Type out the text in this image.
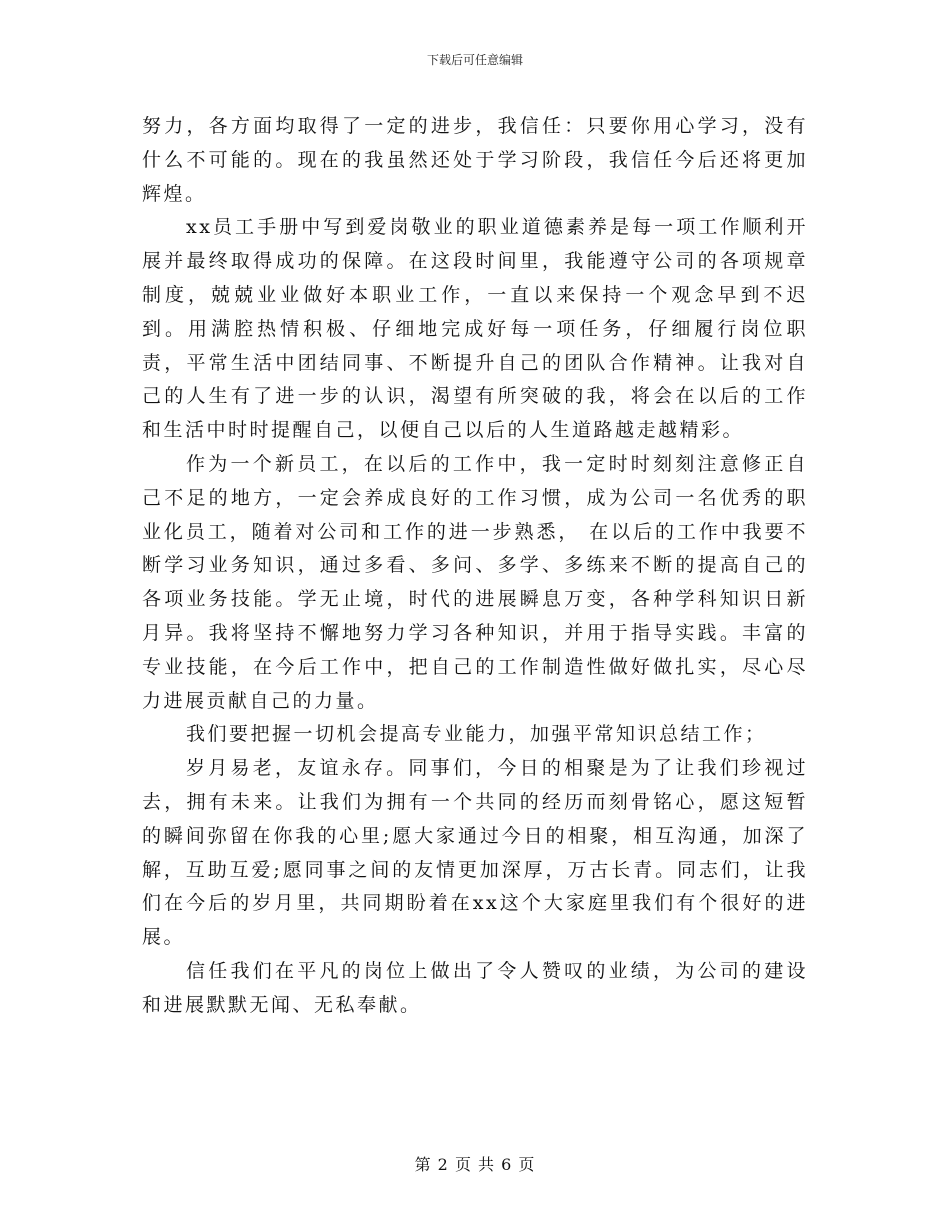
下载后可任意编辑

努力，各方面均取得了一定的进步，我信任：只要你用心学习，没有什么不可能的。现在的我虽然还处于学习阶段，我信任今后还将更加辉煌。

xx员工手册中写到爱岗敬业的职业道德素养是每一项工作顺利开展并最终取得成功的保障。在这段时间里，我能遵守公司的各项规章制度，兢兢业业做好本职业工作，一直以来保持一个观念早到不迟到。用满腔热情积极、仔细地完成好每一项任务，仔细履行岗位职责，平常生活中团结同事、不断提升自己的团队合作精神。让我对自己的人生有了进一步的认识，渴望有所突破的我，将会在以后的工作和生活中时时提醒自己，以便自己以后的人生道路越走越精彩。

作为一个新员工，在以后的工作中，我一定时时刻刻注意修正自己不足的地方，一定会养成良好的工作习惯，成为公司一名优秀的职业化员工，随着对公司和工作的进一步熟悉， 在以后的工作中我要不断学习业务知识，通过多看、多问、多学、多练来不断的提高自己的各项业务技能。学无止境，时代的进展瞬息万变，各种学科知识日新月异。我将坚持不懈地努力学习各种知识，并用于指导实践。丰富的专业技能，在今后工作中，把自己的工作制造性做好做扎实，尽心尽力进展贡献自己的力量。

我们要把握一切机会提高专业能力，加强平常知识总结工作；

岁月易老，友谊永存。同事们，今日的相聚是为了让我们珍视过去，拥有未来。让我们为拥有一个共同的经历而刻骨铭心，愿这短暂的瞬间弥留在你我的心里;愿大家通过今日的相聚，相互沟通，加深了解，互助互爱;愿同事之间的友情更加深厚，万古长青。同志们，让我们在今后的岁月里，共同期盼着在xx这个大家庭里我们有个很好的进展。

信任我们在平凡的岗位上做出了令人赞叹的业绩，为公司的建设和进展默默无闻、无私奉献。

第 2 页 共 6 页
